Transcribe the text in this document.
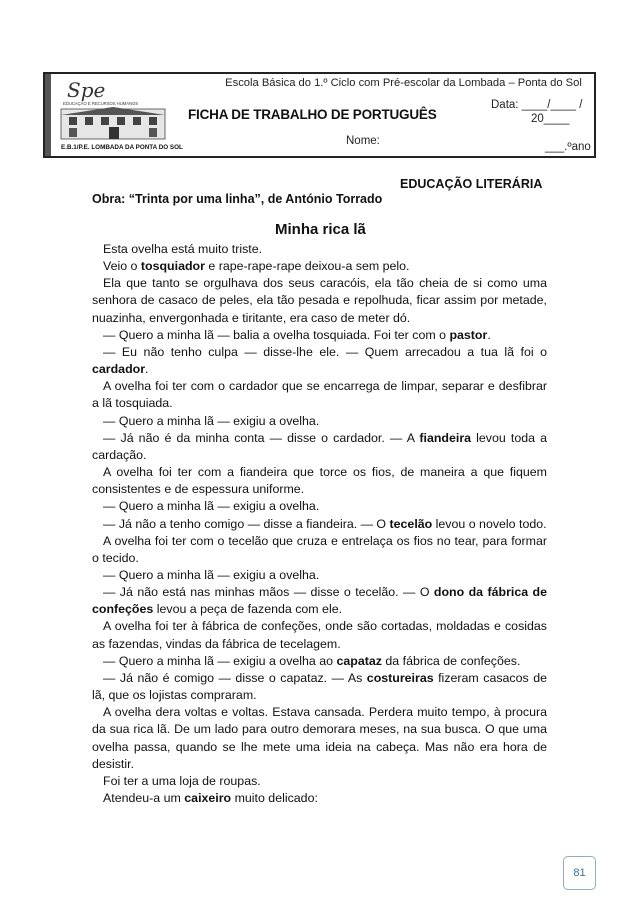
Spe
EDUCAÇÃO E RECURSOS HUMANOS
E.B.1/P.E. LOMBADA DA PONTA DO SOL
Escola Básica do 1.º Ciclo com Pré-escolar da Lombada – Ponta do Sol
FICHA DE TRABALHO DE PORTUGUÊS
Data: ____/____ /
20____
Nome:	___.ºano
EDUCAÇÃO LITERÁRIA
Obra: “Trinta por uma linha”, de António Torrado
Minha rica lã

Esta ovelha está muito triste.

Veio o tosquiador e rape-rape-rape deixou-a sem pelo.

Ela que tanto se orgulhava dos seus caracóis, ela tão cheia de si como uma senhora de casaco de peles, ela tão pesada e repolhuda, ficar assim por metade, nuazinha, envergonhada e tiritante, era caso de meter dó.

— Quero a minha lã — balia a ovelha tosquiada. Foi ter com o pastor.

— Eu não tenho culpa — disse-lhe ele. — Quem arrecadou a tua lã foi o cardador.

A ovelha foi ter com o cardador que se encarrega de limpar, separar e desfibrar a lã tosquiada.

— Quero a minha lã — exigiu a ovelha.

— Já não é da minha conta — disse o cardador. — A fiandeira levou toda a cardação.

A ovelha foi ter com a fiandeira que torce os fios, de maneira a que fiquem consistentes e de espessura uniforme.

— Quero a minha lã — exigiu a ovelha.

— Já não a tenho comigo — disse a fiandeira. — O tecelão levou o novelo todo.

A ovelha foi ter com o tecelão que cruza e entrelaça os fios no tear, para formar o tecido.

— Quero a minha lã — exigiu a ovelha.

— Já não está nas minhas mãos — disse o tecelão. — O dono da fábrica de confeções levou a peça de fazenda com ele.

A ovelha foi ter à fábrica de confeções, onde são cortadas, moldadas e cosidas as fazendas, vindas da fábrica de tecelagem.

— Quero a minha lã — exigiu a ovelha ao capataz da fábrica de confeções.

— Já não é comigo — disse o capataz. — As costureiras fizeram casacos de lã, que os lojistas compraram.

A ovelha dera voltas e voltas. Estava cansada. Perdera muito tempo, à procura da sua rica lã. De um lado para outro demorara meses, na sua busca. O que uma ovelha passa, quando se lhe mete uma ideia na cabeça. Mas não era hora de desistir.

Foi ter a uma loja de roupas.

Atendeu-a um caixeiro muito delicado:

81
